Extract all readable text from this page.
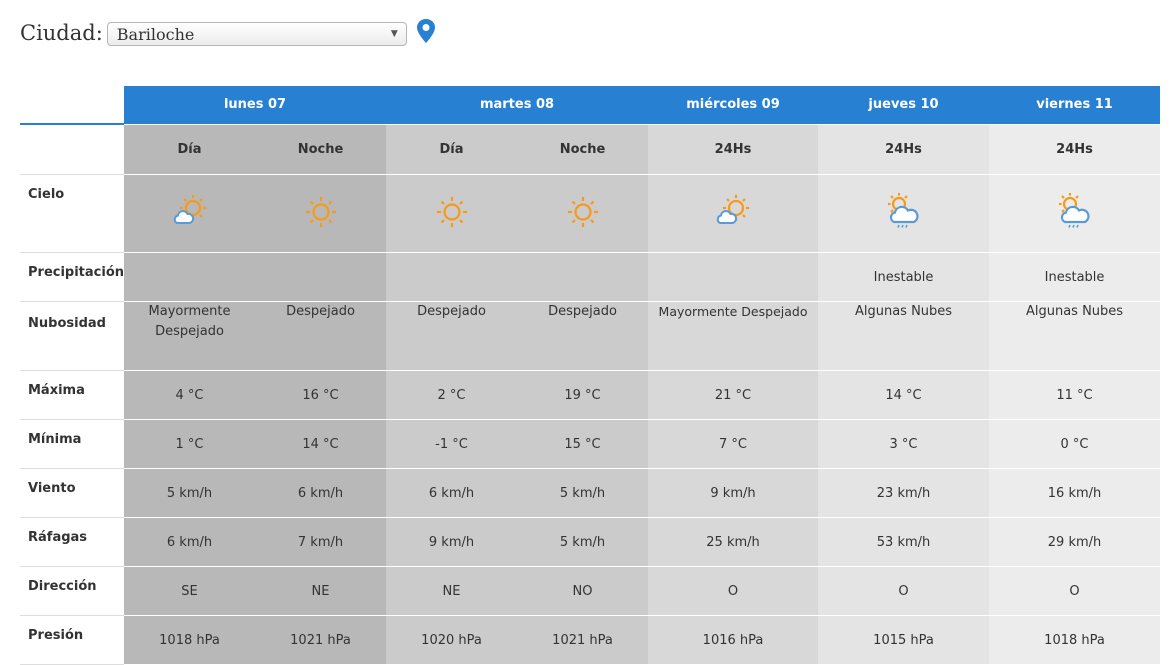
Ciudad: Bariloche	▼
	lunes 07		martes 08		miércoles 09	jueves 10	viernes 11
	Día	Noche	Día	Noche	24Hs	24Hs	24Hs
Cielo	

Precipitación						Inestable	Inestable
Nubosidad	Mayormente Despejado	Despejado	Despejado	Despejado	Mayormente Despejado	Algunas Nubes	Algunas Nubes
Máxima	4 °C	16 °C	2 °C	19 °C	21 °C	14 °C	11 °C
Mínima	1 °C	14 °C	-1 °C	15 °C	7 °C	3 °C	0 °C
Viento	5 km/h	6 km/h	6 km/h	5 km/h	9 km/h	23 km/h	16 km/h
Ráfagas	6 km/h	7 km/h	9 km/h	5 km/h	25 km/h	53 km/h	29 km/h
Dirección	SE	NE	NE	NO	O	O	O
Presión	1018 hPa	1021 hPa	1020 hPa	1021 hPa	1016 hPa	1015 hPa	1018 hPa
